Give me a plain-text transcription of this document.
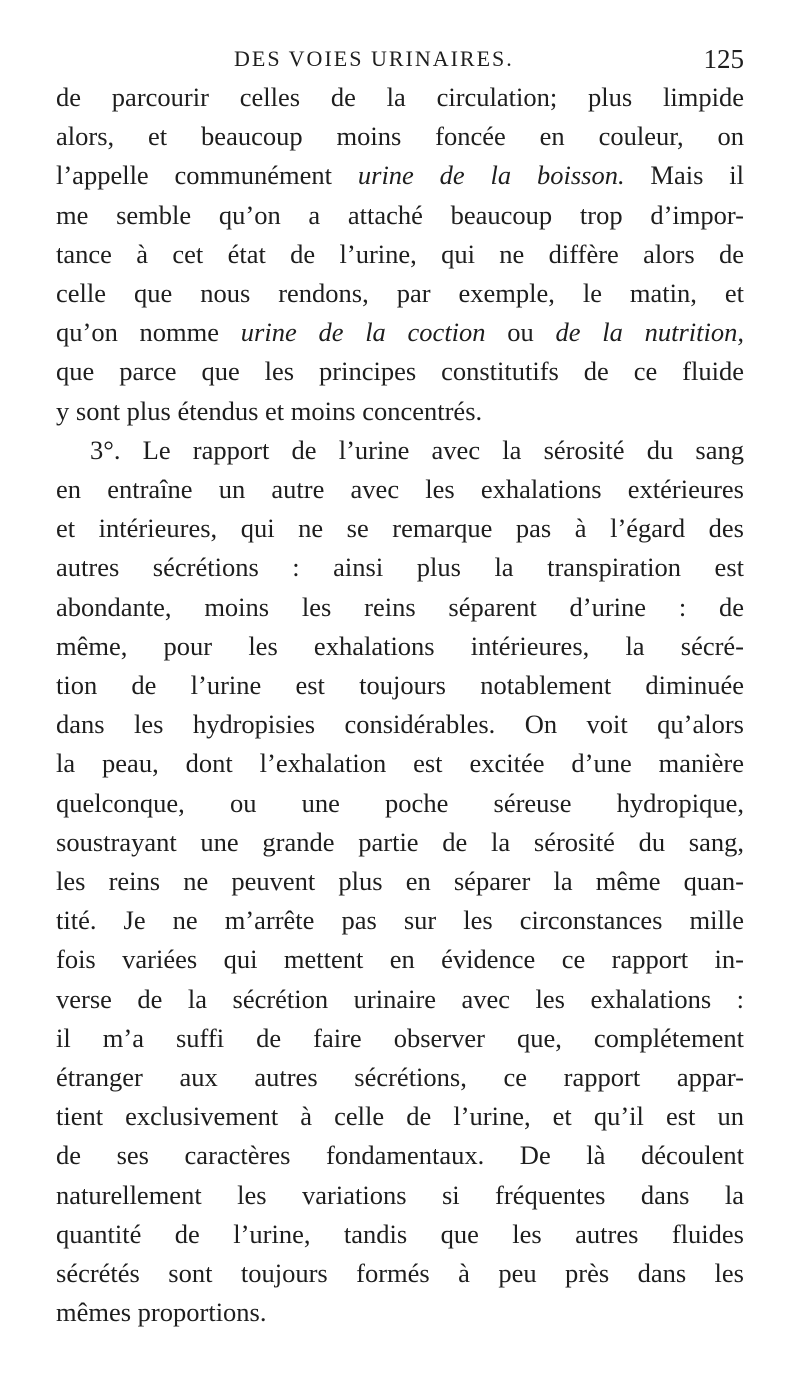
DES VOIES URINAIRES.	125
de parcourir celles de la circulation; plus limpide
alors, et beaucoup moins foncée en couleur, on
l’appelle communément urine de la boisson. Mais il
me semble qu’on a attaché beaucoup trop d’impor-
tance à cet état de l’urine, qui ne diffère alors de
celle que nous rendons, par exemple, le matin, et
qu’on nomme urine de la coction ou de la nutrition,
que parce que les principes constitutifs de ce fluide
y sont plus étendus et moins concentrés.
3°. Le rapport de l’urine avec la sérosité du sang
en entraîne un autre avec les exhalations extérieures
et intérieures, qui ne se remarque pas à l’égard des
autres sécrétions : ainsi plus la transpiration est
abondante, moins les reins séparent d’urine : de
même, pour les exhalations intérieures, la sécré-
tion de l’urine est toujours notablement diminuée
dans les hydropisies considérables. On voit qu’alors
la peau, dont l’exhalation est excitée d’une manière
quelconque, ou une poche séreuse hydropique,
soustrayant une grande partie de la sérosité du sang,
les reins ne peuvent plus en séparer la même quan-
tité. Je ne m’arrête pas sur les circonstances mille
fois variées qui mettent en évidence ce rapport in-
verse de la sécrétion urinaire avec les exhalations :
il m’a suffi de faire observer que, complétement
étranger aux autres sécrétions, ce rapport appar-
tient exclusivement à celle de l’urine, et qu’il est un
de ses caractères fondamentaux. De là découlent
naturellement les variations si fréquentes dans la
quantité de l’urine, tandis que les autres fluides
sécrétés sont toujours formés à peu près dans les
mêmes proportions.
